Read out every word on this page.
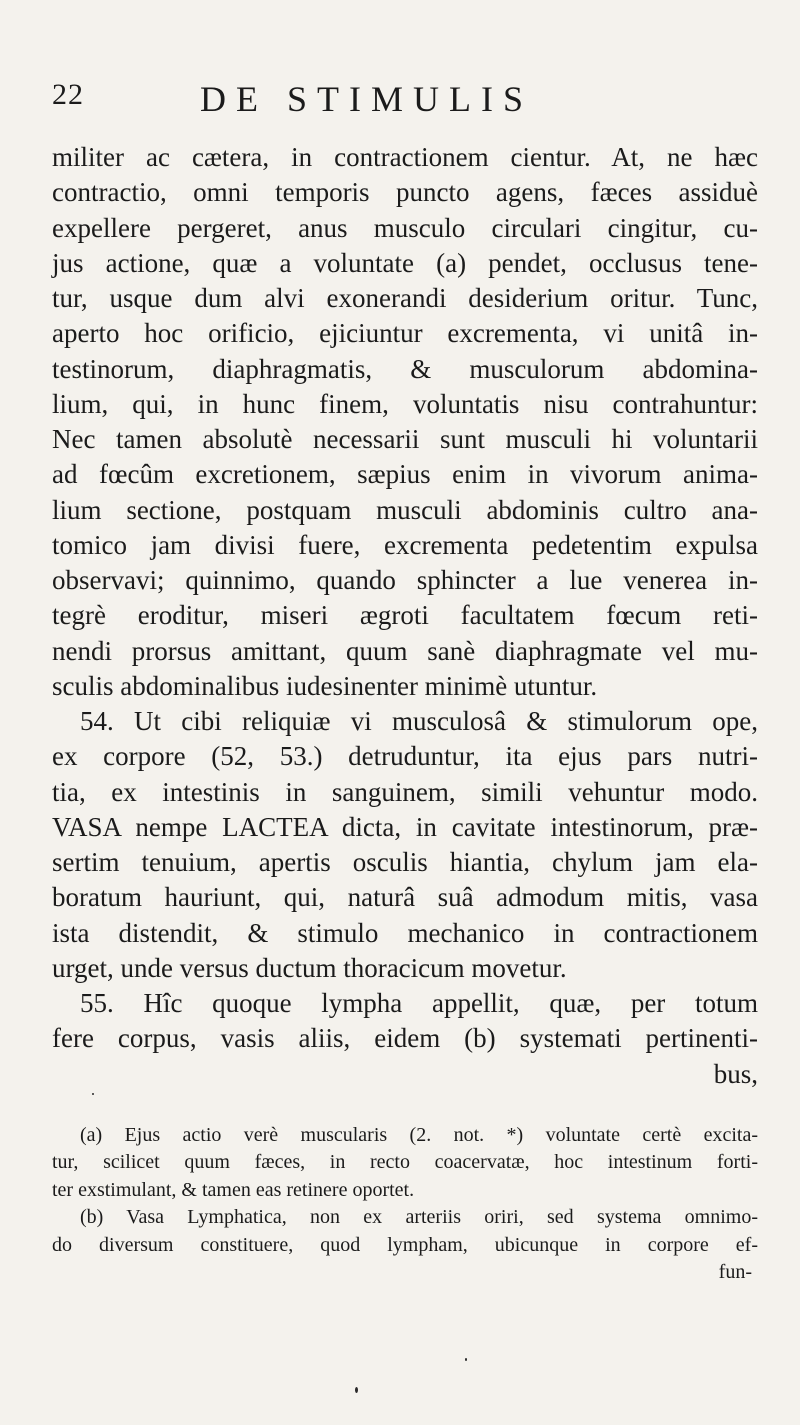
22	DE STIMULIS
militer ac cætera, in contractionem cientur. At, ne hæc
contractio, omni temporis puncto agens, fæces assiduè
expellere pergeret, anus musculo circulari cingitur, cu-
jus actione, quæ a voluntate (a) pendet, occlusus tene-
tur, usque dum alvi exonerandi desiderium oritur. Tunc,
aperto hoc orificio, ejiciuntur excrementa, vi unitâ in-
testinorum, diaphragmatis, & musculorum abdomina-
lium, qui, in hunc finem, voluntatis nisu contrahuntur:
Nec tamen absolutè necessarii sunt musculi hi voluntarii
ad fœcûm excretionem, sæpius enim in vivorum anima-
lium sectione, postquam musculi abdominis cultro ana-
tomico jam divisi fuere, excrementa pedetentim expulsa
observavi; quinnimo, quando sphincter a lue venerea in-
tegrè eroditur, miseri ægroti facultatem fœcum reti-
nendi prorsus amittant, quum sanè diaphragmate vel mu-
sculis abdominalibus iudesinenter minimè utuntur.
54. Ut cibi reliquiæ vi musculosâ & stimulorum ope,
ex corpore (52, 53.) detruduntur, ita ejus pars nutri-
tia, ex intestinis in sanguinem, simili vehuntur modo.
VASA nempe LACTEA dicta, in cavitate intestinorum, præ-
sertim tenuium, apertis osculis hiantia, chylum jam ela-
boratum hauriunt, qui, naturâ suâ admodum mitis, vasa
ista distendit, & stimulo mechanico in contractionem
urget, unde versus ductum thoracicum movetur.
55. Hîc quoque lympha appellit, quæ, per totum
fere corpus, vasis aliis, eidem (b) systemati pertinenti-
bus,
(a) Ejus actio verè muscularis (2. not. *) voluntate certè excita-
tur, scilicet quum fæces, in recto coacervatæ, hoc intestinum forti-
ter exstimulant, & tamen eas retinere oportet.
(b) Vasa Lymphatica, non ex arteriis oriri, sed systema omnimo-
do diversum constituere, quod lympham, ubicunque in corpore ef-
fun-
